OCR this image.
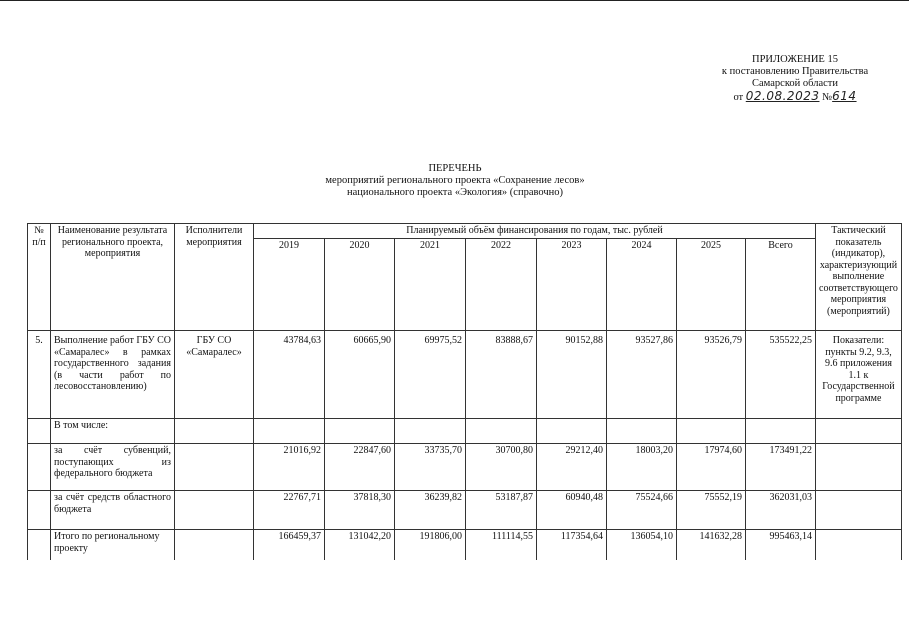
ПРИЛОЖЕНИЕ 15
к постановлению Правительства
Самарской области
от 02.08.2023 №614
ПЕРЕЧЕНЬ
мероприятий регионального проекта «Сохранение лесов»
национального проекта «Экология» (справочно)
№ п/п	Наименование результата регионального проекта, мероприятия	Исполнители мероприятия	Планируемый объём финансирования по годам, тыс. рублей								Тактический показатель (индикатор), характеризующий выполнение соответствующего мероприятия (мероприятий)
			2019	2020	2021	2022	2023	2024	2025	Всего	
5.	Выполнение работ ГБУ СО «Самаралес» в рамках государственного задания (в части работ по лесовосстановлению)	ГБУ СО «Самаралес»	43784,63	60665,90	69975,52	83888,67	90152,88	93527,86	93526,79	535522,25	Показатели: пункты 9.2, 9.3, 9.6 приложения 1.1 к Государственной программе
	В том числе:										
	за счёт субвенций, поступающих из федерального бюджета		21016,92	22847,60	33735,70	30700,80	29212,40	18003,20	17974,60	173491,22	
	за счёт средств областного бюджета		22767,71	37818,30	36239,82	53187,87	60940,48	75524,66	75552,19	362031,03	
	Итого по региональному проекту		166459,37	131042,20	191806,00	111114,55	117354,64	136054,10	141632,28	995463,14	
